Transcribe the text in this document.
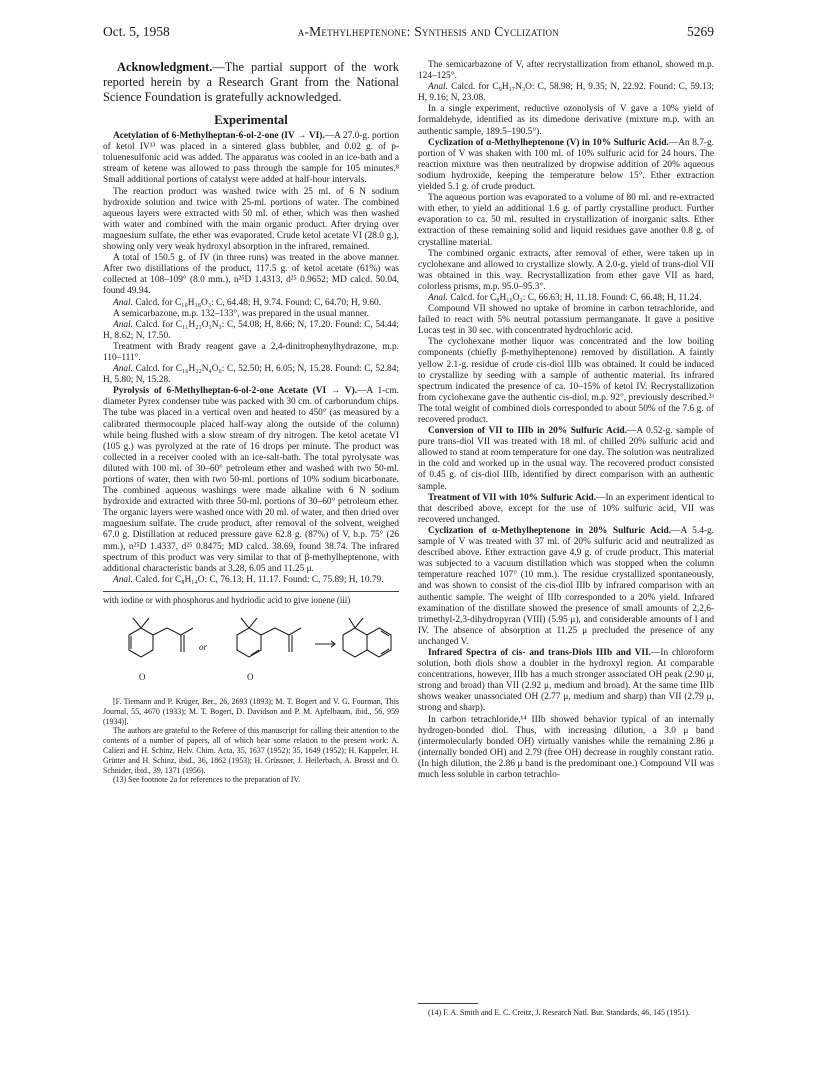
Oct. 5, 1958	α-Methylheptenone: Synthesis and Cyclization	5269

Acknowledgment.—The partial support of the work reported herein by a Research Grant from the National Science Foundation is gratefully acknowledged.

Experimental

Acetylation of 6-Methylheptan-6-ol-2-one (IV → VI).—A 27.0-g. portion of ketol IV¹³ was placed in a sintered glass bubbler, and 0.02 g. of p-toluenesulfonic acid was added. The apparatus was cooled in an ice-bath and a stream of ketene was allowed to pass through the sample for 105 minutes.⁸ Small additional portions of catalyst were added at half-hour intervals.

The reaction product was washed twice with 25 ml. of 6 N sodium hydroxide solution and twice with 25-ml. portions of water. The combined aqueous layers were extracted with 50 ml. of ether, which was then washed with water and combined with the main organic product. After drying over magnesium sulfate, the ether was evaporated. Crude ketol acetate VI (28.0 g.), showing only very weak hydroxyl absorption in the infrared, remained.

A total of 150.5 g. of IV (in three runs) was treated in the above manner. After two distillations of the product, 117.5 g. of ketol acetate (61%) was collected at 108–109° (8.0 mm.), n²⁵D 1.4313, d²⁵ 0.9652; MD calcd. 50.04, found 49.94.

Anal. Calcd. for C₁₀H₁₈O₃: C, 64.48; H, 9.74. Found: C, 64.70; H, 9.60.

A semicarbazone, m.p. 132–133°, was prepared in the usual manner.

Anal. Calcd. for C₁₁H₂₁O₃N₃: C, 54.08; H, 8.66; N, 17.20. Found: C, 54.44; H, 8.62; N, 17.50.

Treatment with Brady reagent gave a 2,4-dinitrophenylhydrazone, m.p. 110–111°.

Anal. Calcd. for C₁₆H₂₂N₄O₆: C, 52.50; H, 6.05; N, 15.28. Found: C, 52.84; H, 5.80; N, 15.28.

Pyrolysis of 6-Methylheptan-6-ol-2-one Acetate (VI → V).—A 1-cm. diameter Pyrex condenser tube was packed with 30 cm. of carborundum chips. The tube was placed in a vertical oven and heated to 450° (as measured by a calibrated thermocouple placed half-way along the outside of the column) while being flushed with a slow stream of dry nitrogen. The ketol acetate VI (105 g.) was pyrolyzed at the rate of 16 drops per minute. The product was collected in a receiver cooled with an ice-salt-bath. The total pyrolysate was diluted with 100 ml. of 30–60° petroleum ether and washed with two 50-ml. portions of water, then with two 50-ml. portions of 10% sodium bicarbonate. The combined aqueous washings were made alkaline with 6 N sodium hydroxide and extracted with three 50-ml. portions of 30–60° petroleum ether. The organic layers were washed once with 20 ml. of water, and then dried over magnesium sulfate. The crude product, after removal of the solvent, weighed 67.0 g. Distillation at reduced pressure gave 62.8 g. (87%) of V, b.p. 75° (26 mm.), n²⁵D 1.4337, d²⁵ 0.8475; MD calcd. 38.69, found 38.74. The infrared spectrum of this product was very similar to that of β-methylheptenone, with additional characteristic bands at 3.28, 6.05 and 11.25 μ.

Anal. Calcd. for C₈H₁₄O: C, 76.13; H, 11.17. Found: C, 75.89; H, 10.79.

with iodine or with phosphorus and hydriodic acid to give ionene (iii)

O	O
or

[F. Tiemann and P. Krüger, Ber., 26, 2693 (1893); M. T. Bogert and V. G. Fourman, This Journal, 55, 4670 (1933); M. T. Bogert, D. Davidson and P. M. Apfelbaum, ibid., 56, 959 (1934)].

The authors are grateful to the Referee of this manuscript for calling their attention to the contents of a number of papers, all of which bear some relation to the present work: A. Caliezi and H. Schinz, Helv. Chim. Acta, 35, 1637 (1952); 35, 1649 (1952); H. Kappeler, H. Grütter and H. Schinz, ibid., 36, 1862 (1953); H. Grüssner, J. Heilerbach, A. Brossi and O. Schnider, ibid., 39, 1371 (1956).

(13) See footnote 2a for references to the preparation of IV.

The semicarbazone of V, after recrystallization from ethanol, showed m.p. 124–125°.

Anal. Calcd. for C₉H₁₇N₃O: C, 58.98; H, 9.35; N, 22.92. Found: C, 59.13; H, 9.16; N, 23.08.

In a single experiment, reductive ozonolysis of V gave a 10% yield of formaldehyde, identified as its dimedone derivative (mixture m.p. with an authentic sample, 189.5–190.5°).

Cyclization of α-Methylheptenone (V) in 10% Sulfuric Acid.—An 8.7-g. portion of V was shaken with 100 ml. of 10% sulfuric acid for 24 hours. The reaction mixture was then neutralized by dropwise addition of 20% aqueous sodium hydroxide, keeping the temperature below 15°. Ether extraction yielded 5.1 g. of crude product.

The aqueous portion was evaporated to a volume of 80 ml. and re-extracted with ether, to yield an additional 1.6 g. of partly crystalline product. Further evaporation to ca. 50 ml. resulted in crystallization of inorganic salts. Ether extraction of these remaining solid and liquid residues gave another 0.8 g. of crystalline material.

The combined organic extracts, after removal of ether, were taken up in cyclohexane and allowed to crystallize slowly. A 2.0-g. yield of trans-diol VII was obtained in this way. Recrystallization from ether gave VII as hard, colorless prisms, m.p. 95.0–95.3°.

Anal. Calcd. for C₈H₁₆O₂: C, 66.63; H, 11.18. Found: C, 66.48; H, 11.24.

Compound VII showed no uptake of bromine in carbon tetrachloride, and failed to react with 5% neutral potassium permanganate. It gave a positive Lucas test in 30 sec. with concentrated hydrochloric acid.

The cyclohexane mother liquor was concentrated and the low boiling components (chiefly β-methylheptenone) removed by distillation. A faintly yellow 2.1-g. residue of crude cis-diol IIIb was obtained. It could be induced to crystallize by seeding with a sample of authentic material. Its infrared spectrum indicated the presence of ca. 10–15% of ketol IV. Recrystallization from cyclohexane gave the authentic cis-diol, m.p. 92°, previously described.²ᵃ The total weight of combined diols corresponded to about 50% of the 7.6 g. of recovered product.

Conversion of VII to IIIb in 20% Sulfuric Acid.—A 0.52-g. sample of pure trans-diol VII was treated with 18 ml. of chilled 20% sulfuric acid and allowed to stand at room temperature for one day. The solution was neutralized in the cold and worked up in the usual way. The recovered product consisted of 0.45 g. of cis-diol IIIb, identified by direct comparison with an authentic sample.

Treatment of VII with 10% Sulfuric Acid.—In an experiment identical to that described above, except for the use of 10% sulfuric acid, VII was recovered unchanged.

Cyclization of α-Methylheptenone in 20% Sulfuric Acid.—A 5.4-g. sample of V was treated with 37 ml. of 20% sulfuric acid and neutralized as described above. Ether extraction gave 4.9 g. of crude product. This material was subjected to a vacuum distillation which was stopped when the column temperature reached 107° (10 mm.). The residue crystallized spontaneously, and was shown to consist of the cis-diol IIIb by infrared comparison with an authentic sample. The weight of IIIb corresponded to a 20% yield. Infrared examination of the distillate showed the presence of small amounts of 2,2,6-trimethyl-2,3-dihydropyran (VIII) (5.95 μ), and considerable amounts of I and IV. The absence of absorption at 11.25 μ precluded the presence of any unchanged V.

Infrared Spectra of cis- and trans-Diols IIIb and VII.—In chloroform solution, both diols show a doublet in the hydroxyl region. At comparable concentrations, however, IIIb has a much stronger associated OH peak (2.90 μ, strong and broad) than VII (2.92 μ, medium and broad). At the same time IIIb shows weaker unassociated OH (2.77 μ, medium and sharp) than VII (2.79 μ, strong and sharp).

In carbon tetrachloride,¹⁴ IIIb showed behavior typical of an internally hydrogen-bonded diol. Thus, with increasing dilution, a 3.0 μ band (intermolecularly bonded OH) virtually vanishes while the remaining 2.86 μ (internally bonded OH) and 2.79 (free OH) decrease in roughly constant ratio. (In high dilution, the 2.86 μ band is the predominant one.) Compound VII was much less soluble in carbon tetrachlo-

(14) F. A. Smith and E. C. Creitz, J. Research Natl. Bur. Standards, 46, 145 (1951).
